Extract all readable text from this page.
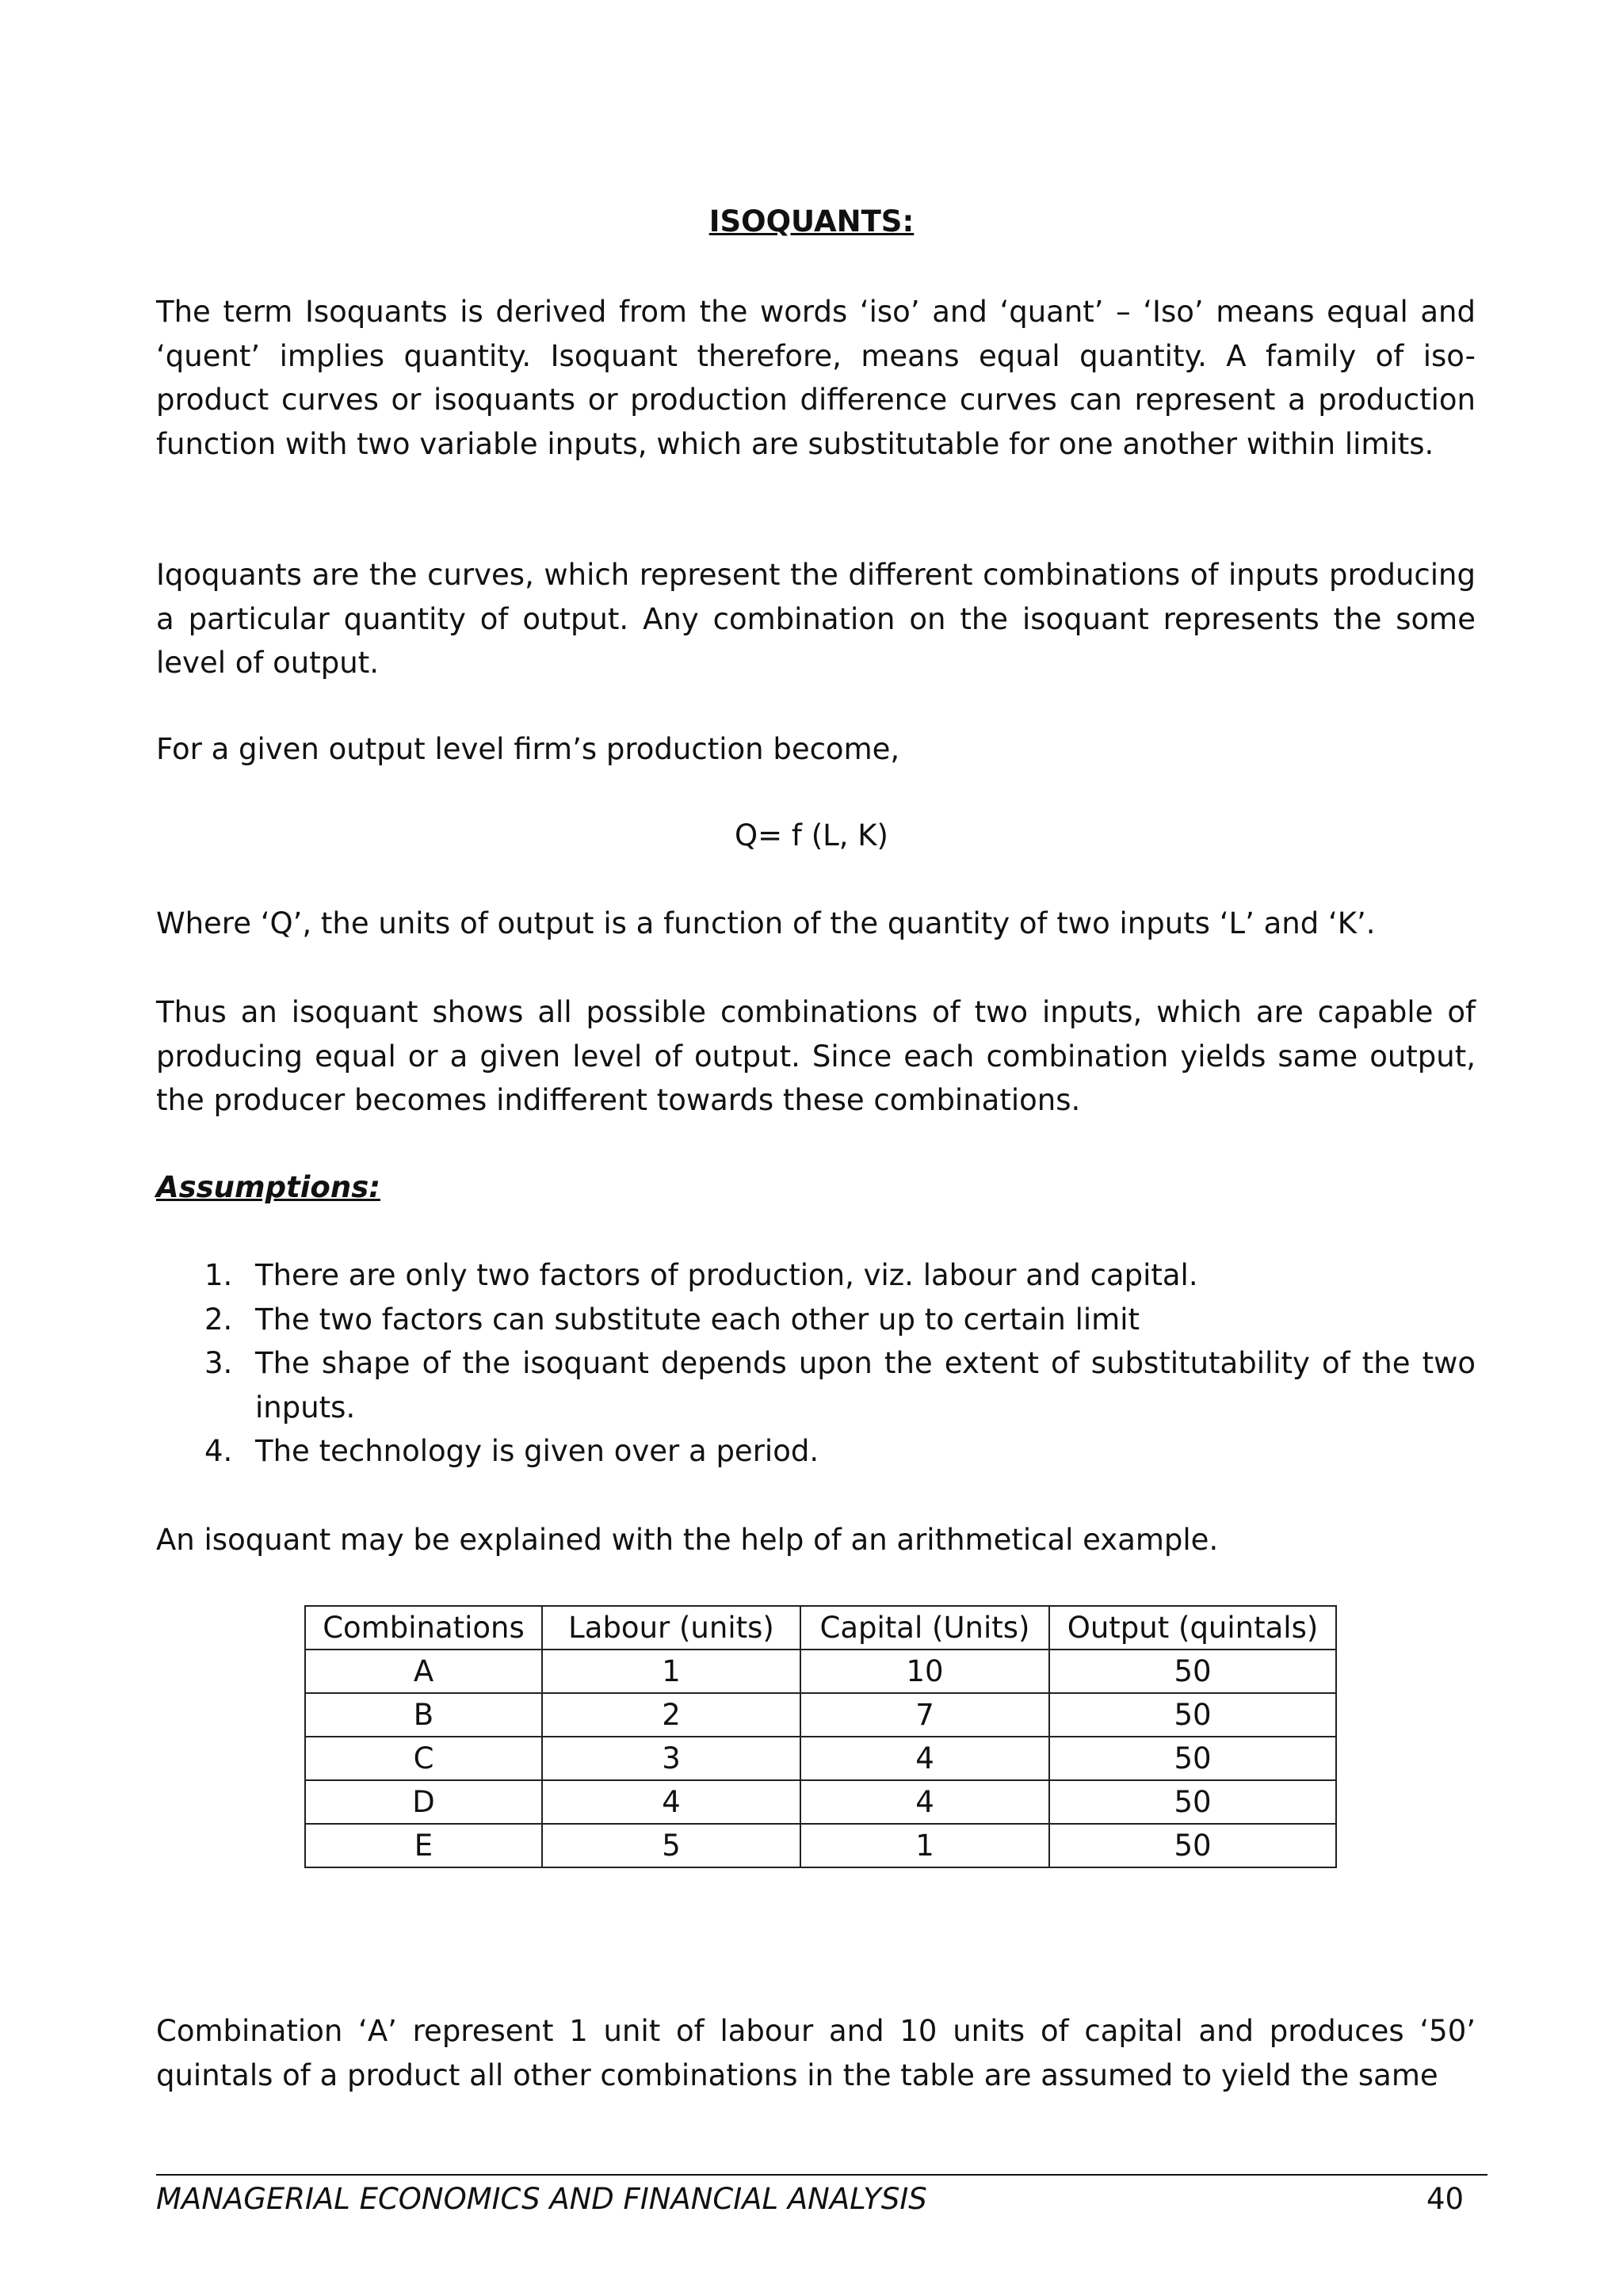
ISOQUANTS:

The term Isoquants is derived from the words ‘iso’ and ‘quant’ – ‘Iso’ means equal and ‘quent’ implies quantity. Isoquant therefore, means equal quantity. A family of iso-product curves or isoquants or production difference curves can represent a production function with two variable inputs, which are substitutable for one another within limits.

Iqoquants are the curves, which represent the different combinations of inputs producing a particular quantity of output. Any combination on the isoquant represents the some level of output.

For a given output level firm’s production become,

Q= f (L, K)

Where ‘Q’, the units of output is a function of the quantity of two inputs ‘L’ and ‘K’.

Thus an isoquant shows all possible combinations of two inputs, which are capable of producing equal or a given level of output. Since each combination yields same output, the producer becomes indifferent towards these combinations.

Assumptions:

1. There are only two factors of production, viz. labour and capital.
2. The two factors can substitute each other up to certain limit
3. The shape of the isoquant depends upon the extent of substitutability of the two inputs.
4. The technology is given over a period.

An isoquant may be explained with the help of an arithmetical example.

Combinations	Labour (units)	Capital (Units)	Output (quintals)
A	1	10	50
B	2	7	50
C	3	4	50
D	4	4	50
E	5	1	50

Combination ‘A’ represent 1 unit of labour and 10 units of capital and produces ‘50’ quintals of a product all other combinations in the table are assumed to yield the same

MANAGERIAL ECONOMICS AND FINANCIAL ANALYSIS	40
